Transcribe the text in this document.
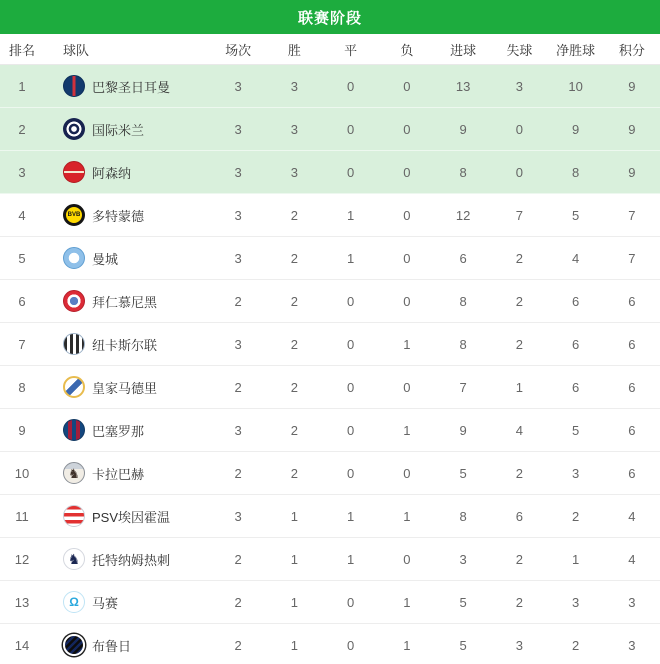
联赛阶段
排名	球队	场次	胜	平	负	进球	失球	净胜球	积分
1	巴黎圣日耳曼	3	3	0	0	13	3	10	9
2	国际米兰	3	3	0	0	9	0	9	9
3	阿森纳	3	3	0	0	8	0	8	9
4	BVB 多特蒙德	3	2	1	0	12	7	5	7
5	曼城	3	2	1	0	6	2	4	7
6	拜仁慕尼黑	2	2	0	0	8	2	6	6
7	纽卡斯尔联	3	2	0	1	8	2	6	6
8	皇家马德里	2	2	0	0	7	1	6	6
9	巴塞罗那	3	2	0	1	9	4	5	6
10	♞ 卡拉巴赫	2	2	0	0	5	2	3	6
11	PSV埃因霍温	3	1	1	1	8	6	2	4
12	♞ 托特纳姆热刺	2	1	1	0	3	2	1	4
13	Ω 马赛	2	1	0	1	5	2	3	3
14	布鲁日	2	1	0	1	5	3	2	3
